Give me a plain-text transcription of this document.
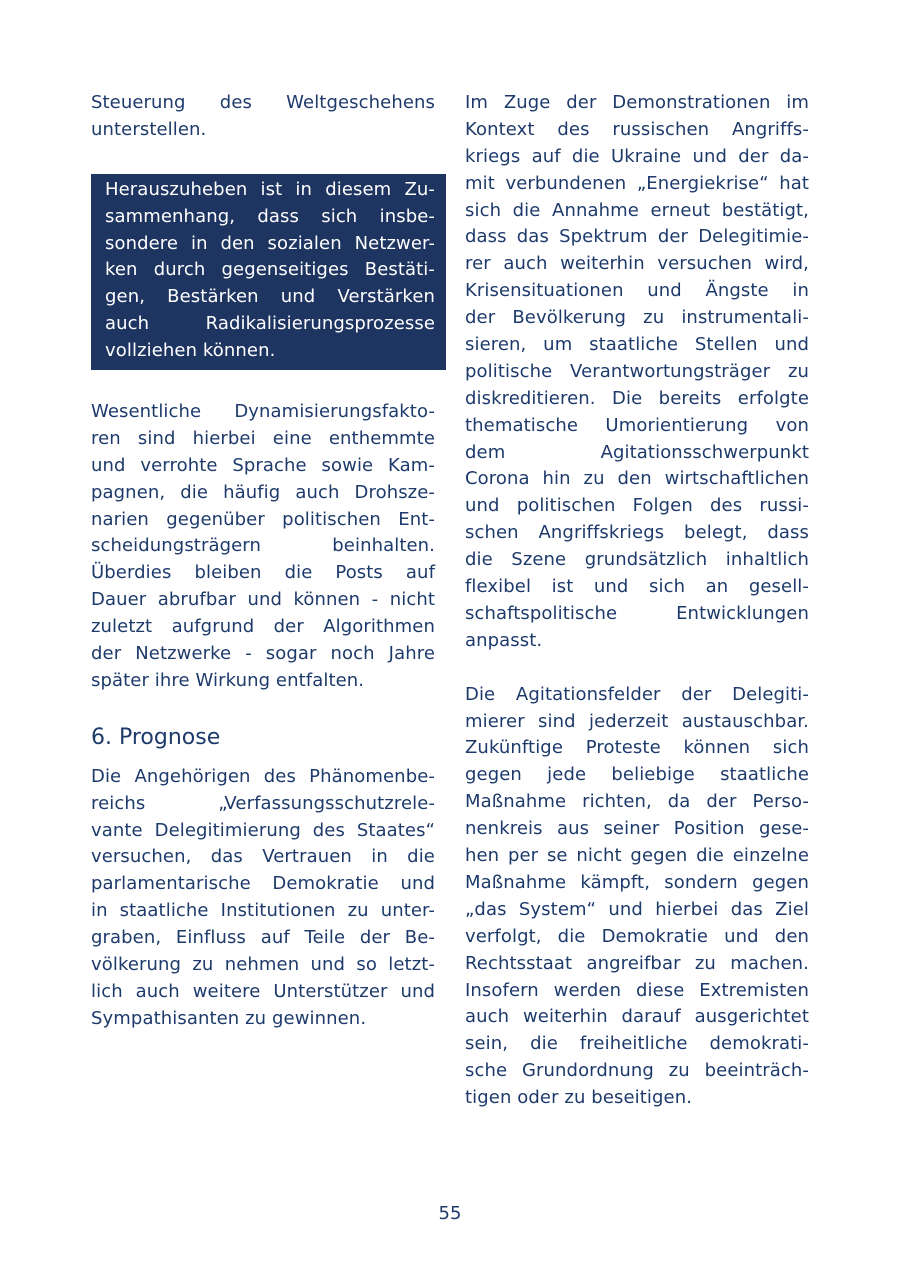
Steuerung des Weltgeschehens
unterstellen.
Herauszuheben ist in diesem Zu-
sammenhang, dass sich insbe-
sondere in den sozialen Netzwer-
ken durch gegenseitiges Bestäti-
gen, Bestärken und Verstärken
auch Radikalisierungsprozesse
vollziehen können.
Wesentliche Dynamisierungsfakto-
ren sind hierbei eine enthemmte
und verrohte Sprache sowie Kam-
pagnen, die häufig auch Drohsze-
narien gegenüber politischen Ent-
scheidungsträgern beinhalten.
Überdies bleiben die Posts auf
Dauer abrufbar und können - nicht
zuletzt aufgrund der Algorithmen
der Netzwerke - sogar noch Jahre
später ihre Wirkung entfalten.
6. Prognose
Die Angehörigen des Phänomenbe-
reichs „Verfassungsschutzrele-
vante Delegitimierung des Staates“
versuchen, das Vertrauen in die
parlamentarische Demokratie und
in staatliche Institutionen zu unter-
graben, Einfluss auf Teile der Be-
völkerung zu nehmen und so letzt-
lich auch weitere Unterstützer und
Sympathisanten zu gewinnen.
Im Zuge der Demonstrationen im
Kontext des russischen Angriffs-
kriegs auf die Ukraine und der da-
mit verbundenen „Energiekrise“ hat
sich die Annahme erneut bestätigt,
dass das Spektrum der Delegitimie-
rer auch weiterhin versuchen wird,
Krisensituationen und Ängste in
der Bevölkerung zu instrumentali-
sieren, um staatliche Stellen und
politische Verantwortungsträger zu
diskreditieren. Die bereits erfolgte
thematische Umorientierung von
dem Agitationsschwerpunkt
Corona hin zu den wirtschaftlichen
und politischen Folgen des russi-
schen Angriffskriegs belegt, dass
die Szene grundsätzlich inhaltlich
flexibel ist und sich an gesell-
schaftspolitische Entwicklungen
anpasst.
Die Agitationsfelder der Delegiti-
mierer sind jederzeit austauschbar.
Zukünftige Proteste können sich
gegen jede beliebige staatliche
Maßnahme richten, da der Perso-
nenkreis aus seiner Position gese-
hen per se nicht gegen die einzelne
Maßnahme kämpft, sondern gegen
„das System“ und hierbei das Ziel
verfolgt, die Demokratie und den
Rechtsstaat angreifbar zu machen.
Insofern werden diese Extremisten
auch weiterhin darauf ausgerichtet
sein, die freiheitliche demokrati-
sche Grundordnung zu beeinträch-
tigen oder zu beseitigen.
55
